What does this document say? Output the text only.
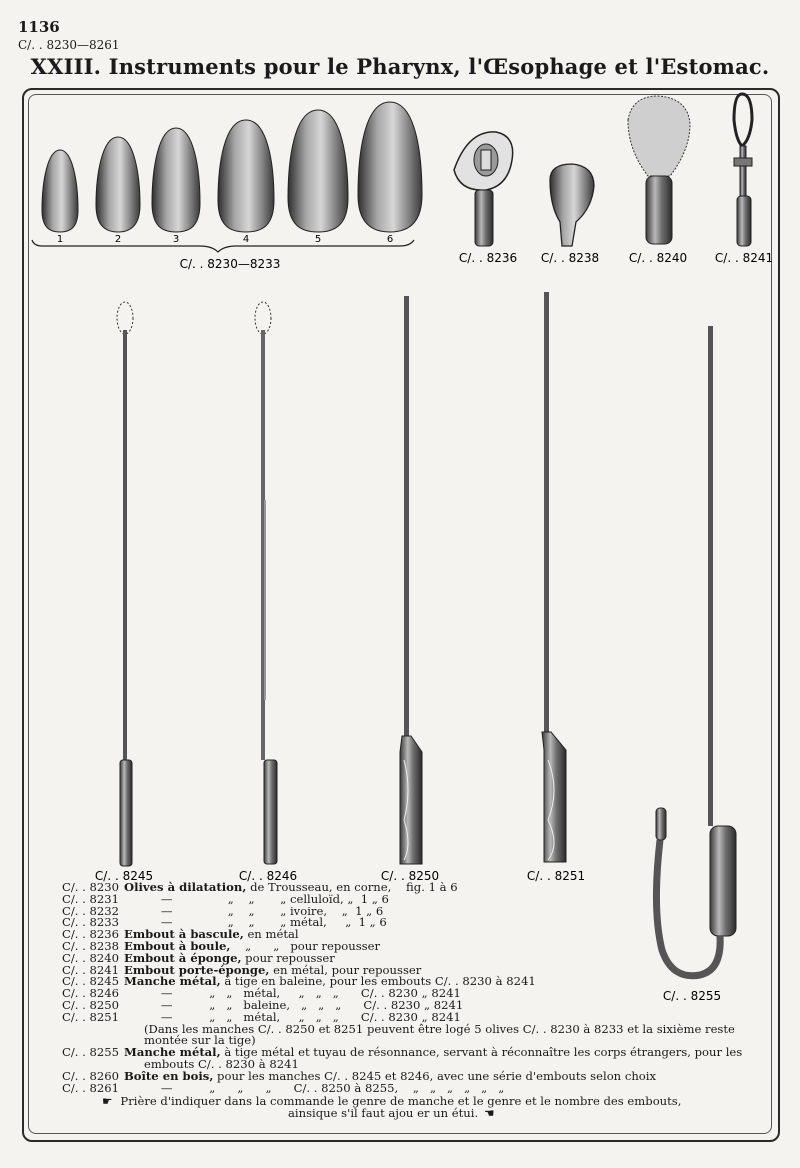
1136
C/. . 8230—8261
XXIII. Instruments pour le Pharynx, l'Œsophage et l'Estomac.
1	2	3	4	5	6
C/. . 8230—8233	C/. . 8236 C/. . 8238 C/. . 8240 C/. . 8241
C/. . 8245	C/. . 8246	C/. . 8250	C/. . 8251
C/. . 8255
C/. . 8230 Olives à dilatation, de Trousseau, en corne,    fig. 1 à 6
C/. . 8231 —               „    „       „ celluloïd, „  1 „ 6
C/. . 8232 —               „    „       „ ivoire,    „  1 „ 6
C/. . 8233 —               „    „       „ métal,     „  1 „ 6
C/. . 8236 Embout à bascule, en métal
C/. . 8238 Embout à boule, „      „   pour repousser
C/. . 8240 Embout à éponge, pour repousser
C/. . 8241 Embout porte-éponge, en métal, pour repousser
C/. . 8245 Manche métal, à tige en baleine, pour les embouts C/. . 8230 à 8241
C/. . 8246 —          „   „   métal,     „   „   „      C/. . 8230 „ 8241
C/. . 8250 —          „   „   baleine,   „   „   „      C/. . 8230 „ 8241
C/. . 8251 —          „   „   métal,     „   „   „      C/. . 8230 „ 8241
(Dans les manches C/. . 8250 et 8251 peuvent être logé 5 olives C/. . 8230 à 8233 et la sixième reste montée sur la tige)
C/. . 8255 Manche métal, à tige métal et tuyau de résonnance, servant à réconnaître les corps étrangers, pour les
embouts C/. . 8230 à 8241
C/. . 8260 Boîte en bois, pour les manches C/. . 8245 et 8246, avec une série d'embouts selon choix
C/. . 8261 —          „      „      „      C/. . 8250 à 8255,    „   „   „   „   „   „
☛ Prière d'indiquer dans la commande le genre de manche et le genre et le nombre des embouts,
ainsique s'il faut ajou er un étui. ☚
